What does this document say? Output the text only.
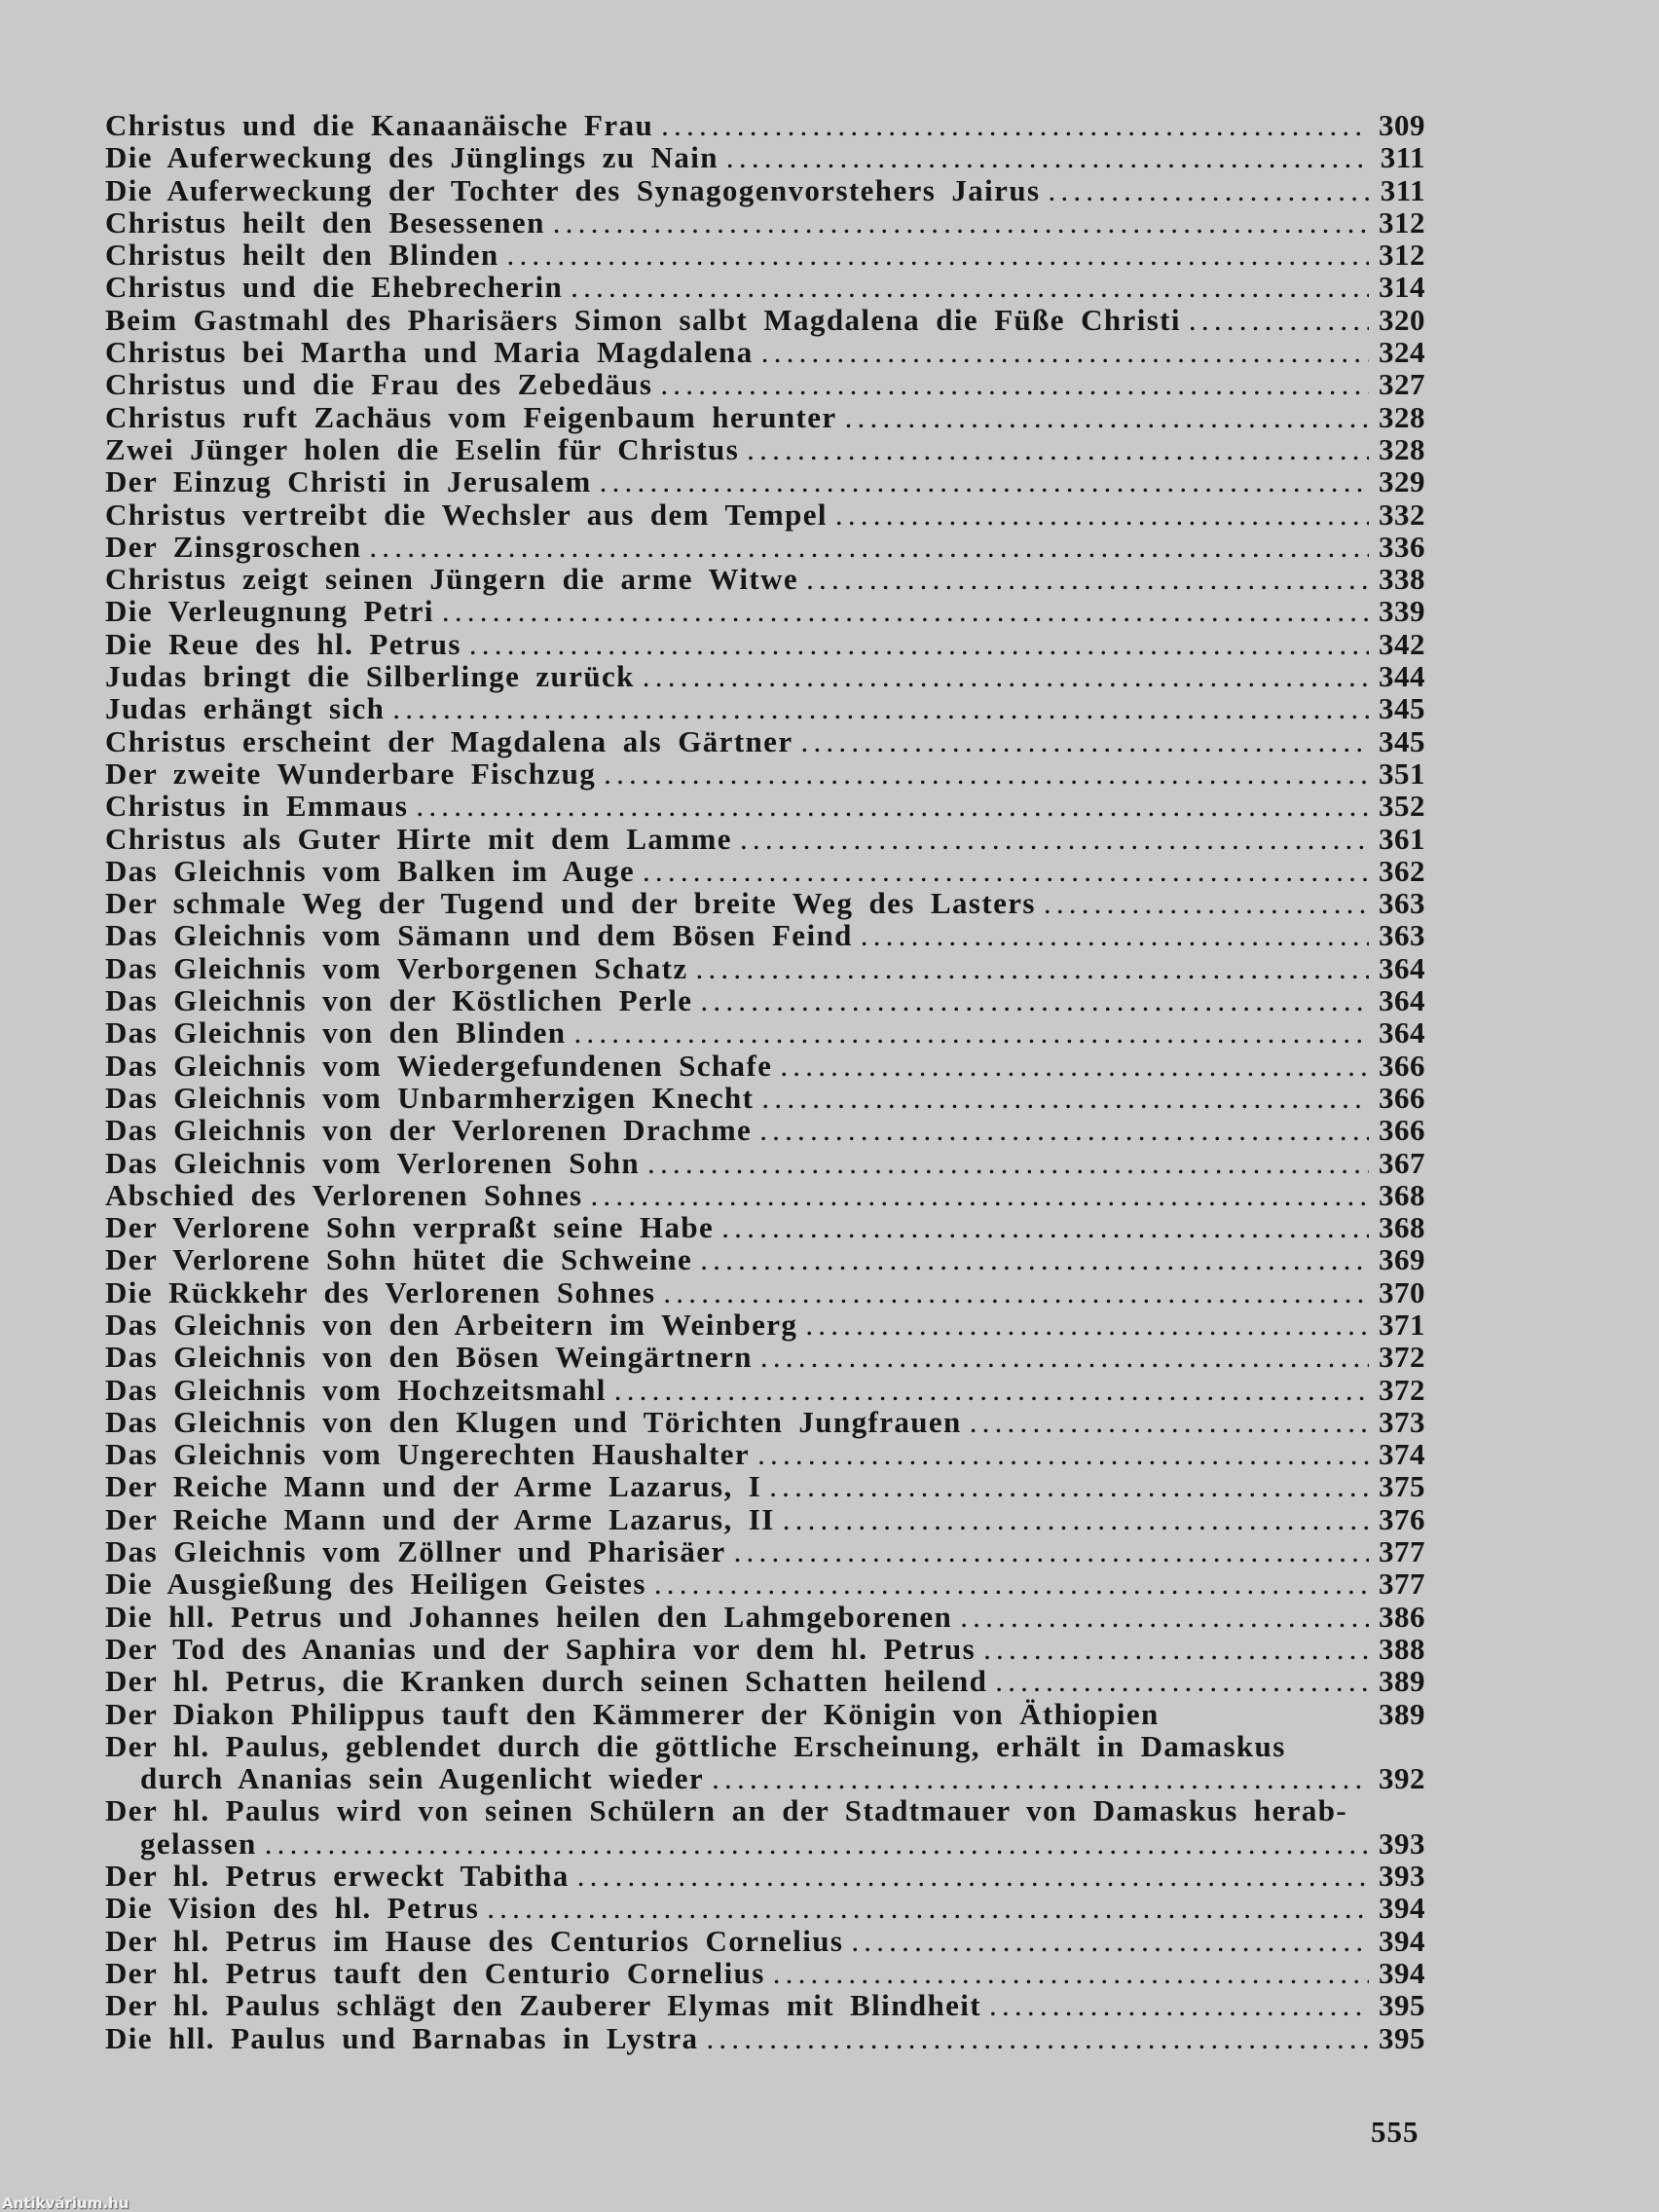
Christus und die Kanaanäische Frau .....	309
Die Auferweckung des Jünglings zu Nain .....	311
Die Auferweckung der Tochter des Synagogenvorstehers Jairus .....	311
Christus heilt den Besessenen .....	312
Christus heilt den Blinden .....	312
Christus und die Ehebrecherin .....	314
Beim Gastmahl des Pharisäers Simon salbt Magdalena die Füße Christi .....	320
Christus bei Martha und Maria Magdalena .....	324
Christus und die Frau des Zebedäus .....	327
Christus ruft Zachäus vom Feigenbaum herunter .....	328
Zwei Jünger holen die Eselin für Christus .....	328
Der Einzug Christi in Jerusalem .....	329
Christus vertreibt die Wechsler aus dem Tempel .....	332
Der Zinsgroschen .....	336
Christus zeigt seinen Jüngern die arme Witwe .....	338
Die Verleugnung Petri .....	339
Die Reue des hl. Petrus .....	342
Judas bringt die Silberlinge zurück .....	344
Judas erhängt sich .....	345
Christus erscheint der Magdalena als Gärtner .....	345
Der zweite Wunderbare Fischzug .....	351
Christus in Emmaus .....	352
Christus als Guter Hirte mit dem Lamme .....	361
Das Gleichnis vom Balken im Auge .....	362
Der schmale Weg der Tugend und der breite Weg des Lasters .....	363
Das Gleichnis vom Sämann und dem Bösen Feind .....	363
Das Gleichnis vom Verborgenen Schatz .....	364
Das Gleichnis von der Köstlichen Perle .....	364
Das Gleichnis von den Blinden .....	364
Das Gleichnis vom Wiedergefundenen Schafe .....	366
Das Gleichnis vom Unbarmherzigen Knecht .....	366
Das Gleichnis von der Verlorenen Drachme .....	366
Das Gleichnis vom Verlorenen Sohn .....	367
Abschied des Verlorenen Sohnes .....	368
Der Verlorene Sohn verpraßt seine Habe .....	368
Der Verlorene Sohn hütet die Schweine .....	369
Die Rückkehr des Verlorenen Sohnes .....	370
Das Gleichnis von den Arbeitern im Weinberg .....	371
Das Gleichnis von den Bösen Weingärtnern .....	372
Das Gleichnis vom Hochzeitsmahl .....	372
Das Gleichnis von den Klugen und Törichten Jungfrauen .....	373
Das Gleichnis vom Ungerechten Haushalter .....	374
Der Reiche Mann und der Arme Lazarus, I .....	375
Der Reiche Mann und der Arme Lazarus, II .....	376
Das Gleichnis vom Zöllner und Pharisäer .....	377
Die Ausgießung des Heiligen Geistes .....	377
Die hll. Petrus und Johannes heilen den Lahmgeborenen .....	386
Der Tod des Ananias und der Saphira vor dem hl. Petrus .....	388
Der hl. Petrus, die Kranken durch seinen Schatten heilend .....	389
Der Diakon Philippus tauft den Kämmerer der Königin von Äthiopien	389
Der hl. Paulus, geblendet durch die göttliche Erscheinung, erhält in Damaskus
durch Ananias sein Augenlicht wieder .....	392
Der hl. Paulus wird von seinen Schülern an der Stadtmauer von Damaskus herab-
gelassen .....	393
Der hl. Petrus erweckt Tabitha .....	393
Die Vision des hl. Petrus .....	394
Der hl. Petrus im Hause des Centurios Cornelius .....	394
Der hl. Petrus tauft den Centurio Cornelius .....	394
Der hl. Paulus schlägt den Zauberer Elymas mit Blindheit .....	395
Die hll. Paulus und Barnabas in Lystra .....	395
555
Antikvárium.hu
